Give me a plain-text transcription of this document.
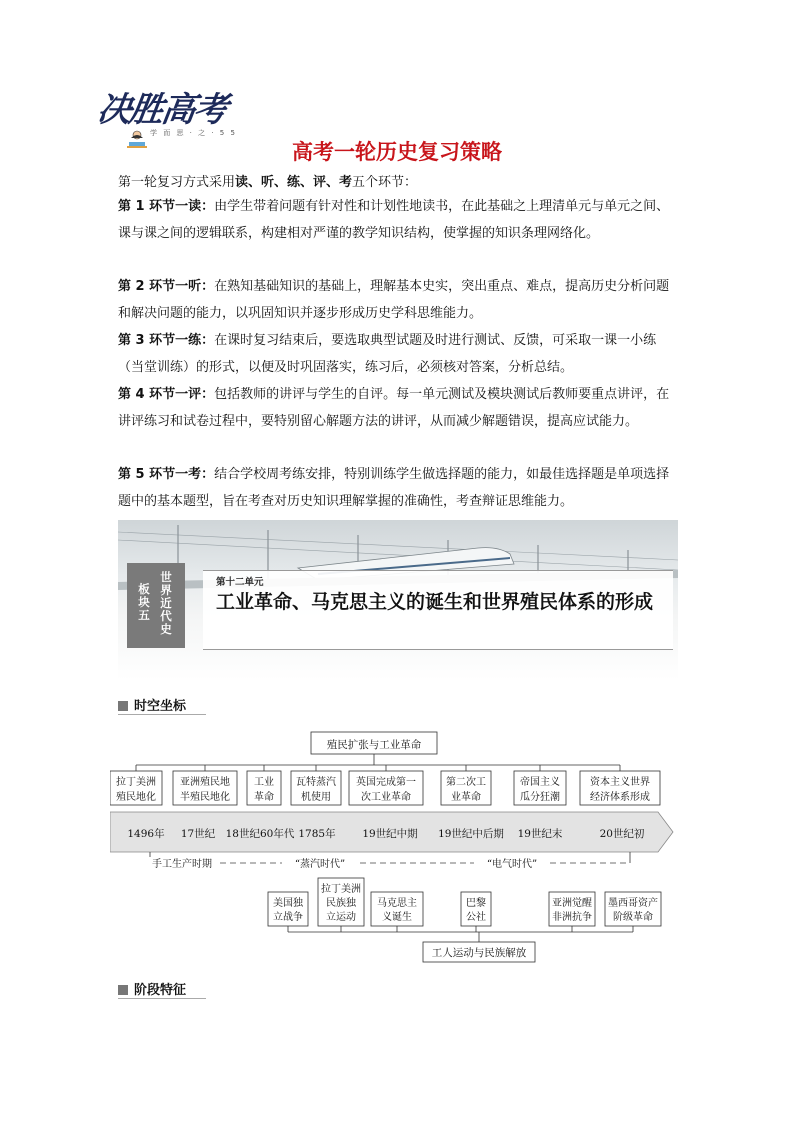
决胜高考
学 而 思 · 之 · 5 5
高考一轮历史复习策略
第一轮复习方式采用读、听、练、评、考五个环节：

第 1 环节一读：由学生带着问题有针对性和计划性地读书，在此基础之上理清单元与单元之间、课与课之间的逻辑联系，构建相对严谨的教学知识结构，使掌握的知识条理网络化。

第 2 环节一听：在熟知基础知识的基础上，理解基本史实，突出重点、难点，提高历史分析问题和解决问题的能力，以巩固知识并逐步形成历史学科思维能力。

第 3 环节一练：在课时复习结束后，要选取典型试题及时进行测试、反馈，可采取一课一小练（当堂训练）的形式，以便及时巩固落实，练习后，必须核对答案，分析总结。

第 4 环节一评：包括教师的讲评与学生的自评。每一单元测试及模块测试后教师要重点讲评，在讲评练习和试卷过程中，要特别留心解题方法的讲评，从而减少解题错误，提高应试能力。

第 5 环节一考：结合学校周考练安排，特别训练学生做选择题的能力，如最佳选择题是单项选择题中的基本题型，旨在考查对历史知识理解掌握的准确性，考查辩证思维能力。

板块五
世界近代史
第十二单元
工业革命、马克思主义的诞生和世界殖民体系的形成
时空坐标
殖民扩张与工业革命
拉丁美洲
殖民地化
亚洲殖民地
半殖民地化
工业
革命
瓦特蒸汽
机使用
英国完成第一
次工业革命
第二次工
业革命
帝国主义
瓜分狂潮
资本主义世界
经济体系形成
1496年 17世纪 18世纪60年代 1785年	19世纪中期 19世纪中后期 19世纪末	20世纪初
手工生产时期	“蒸汽时代”	“电气时代”
美国独
立战争
拉丁美洲
民族独
立运动
马克思主
义诞生
巴黎
公社
亚洲觉醒
非洲抗争
墨西哥资产
阶级革命
工人运动与民族解放
阶段特征
